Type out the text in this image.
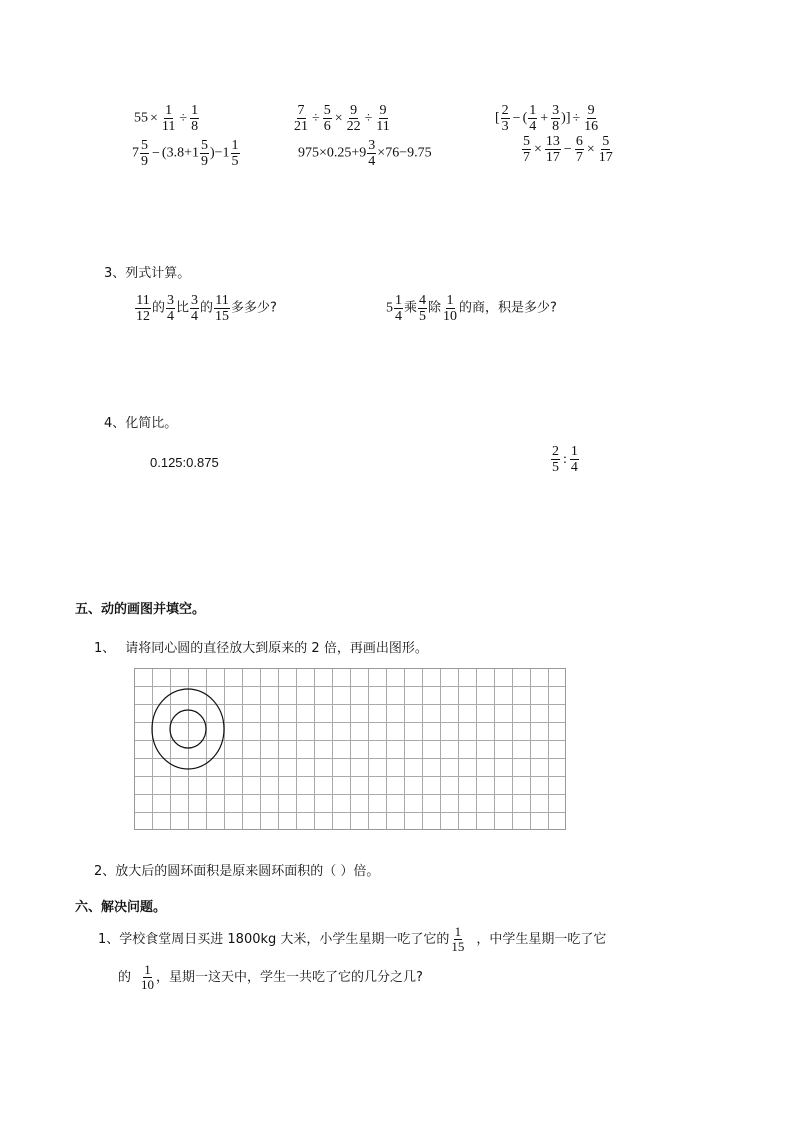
$55 \times \frac{1}{11} \div \frac{1}{8}$	$\frac{7}{21} \div \frac{5}{6} \times \frac{9}{22} \div \frac{9}{11}$	[ $\frac{2}{3}$ − ( $\frac{1}{4} + \frac{3}{8}$ )] ÷ $\frac{9}{16}$
$7 \frac{5}{9} - (3.8+1 \frac{5}{9} )-1 \frac{1}{5}$	$975\times 0.25+9 \frac{3}{4} \times 76-9.75$	$\frac{5}{7} \times \frac{13}{17} - \frac{6}{7} \times \frac{5}{17}$
3、列式计算。
$\frac{11}{12}$ 的 $\frac{3}{4}$ 比 $\frac{3}{4}$ 的 $\frac{11}{15}$ 多多少?	$5 \frac{1}{4}$ 乘 $\frac{4}{5}$ 除 $\frac{1}{10}$ 的商，积是多少?
4、化简比。
0.125:0.875	$\frac{2}{5}$ : $\frac{1}{4}$
五、动的画图并填空。
1、 请将同心圆的直径放大到原来的 2 倍，再画出图形。
2、放大后的圆环面积是原来圆环面积的（ ）倍。
六、解决问题。
1、学校食堂周日买进 1800kg 大米，小学生星期一吃了它的 $\frac{1}{15}$ ，中学生星期一吃了它
的 $\frac{1}{10}$ ，星期一这天中，学生一共吃了它的几分之几?
